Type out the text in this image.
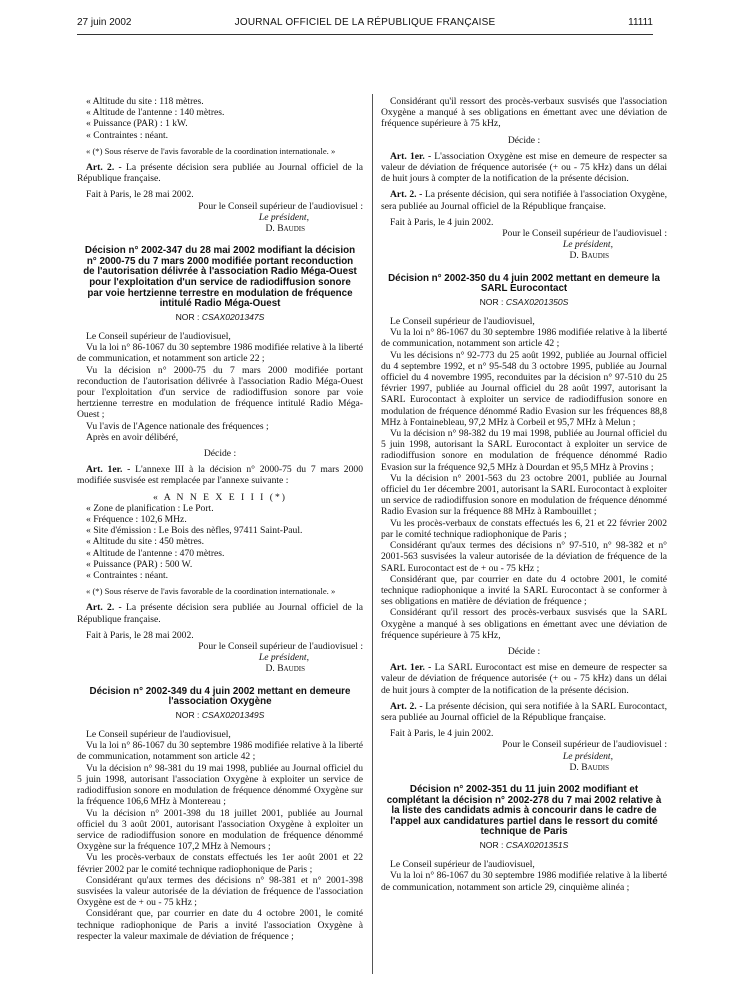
27 juin 2002	JOURNAL OFFICIEL DE LA RÉPUBLIQUE FRANÇAISE	11111

« Altitude du site : 118 mètres.

« Altitude de l'antenne : 140 mètres.

« Puissance (PAR) : 1 kW.

« Contraintes : néant.

« (*) Sous réserve de l'avis favorable de la coordination internationale. »

Art. 2. - La présente décision sera publiée au Journal officiel de la République française.

Fait à Paris, le 28 mai 2002.

Pour le Conseil supérieur de l'audiovisuel :

Le président,

D. Baudis

Décision n° 2002-347 du 28 mai 2002 modifiant la décision n° 2000-75 du 7 mars 2000 modifiée portant reconduction de l'autorisation délivrée à l'association Radio Méga-Ouest pour l'exploitation d'un service de radiodiffusion sonore par voie hertzienne terrestre en modulation de fréquence intitulé Radio Méga-Ouest
NOR : CSAX0201347S

Le Conseil supérieur de l'audiovisuel,

Vu la loi n° 86-1067 du 30 septembre 1986 modifiée relative à la liberté de communication, et notamment son article 22 ;

Vu la décision n° 2000-75 du 7 mars 2000 modifiée portant reconduction de l'autorisation délivrée à l'association Radio Méga-Ouest pour l'exploitation d'un service de radiodiffusion sonore par voie hertzienne terrestre en modulation de fréquence intitulé Radio Méga-Ouest ;

Vu l'avis de l'Agence nationale des fréquences ;

Après en avoir délibéré,

Décide :

Art. 1er. - L'annexe III à la décision n° 2000-75 du 7 mars 2000 modifiée susvisée est remplacée par l'annexe suivante :

« A N N E X E I I I (*)

« Zone de planification : Le Port.

« Fréquence : 102,6 MHz.

« Site d'émission : Le Bois des nèfles, 97411 Saint-Paul.

« Altitude du site : 450 mètres.

« Altitude de l'antenne : 470 mètres.

« Puissance (PAR) : 500 W.

« Contraintes : néant.

« (*) Sous réserve de l'avis favorable de la coordination internationale. »

Art. 2. - La présente décision sera publiée au Journal officiel de la République française.

Fait à Paris, le 28 mai 2002.

Pour le Conseil supérieur de l'audiovisuel :

Le président,

D. Baudis

Décision n° 2002-349 du 4 juin 2002 mettant en demeure l'association Oxygène
NOR : CSAX0201349S

Le Conseil supérieur de l'audiovisuel,

Vu la loi n° 86-1067 du 30 septembre 1986 modifiée relative à la liberté de communication, notamment son article 42 ;

Vu la décision n° 98-381 du 19 mai 1998, publiée au Journal officiel du 5 juin 1998, autorisant l'association Oxygène à exploiter un service de radiodiffusion sonore en modulation de fréquence dénommé Oxygène sur la fréquence 106,6 MHz à Montereau ;

Vu la décision n° 2001-398 du 18 juillet 2001, publiée au Journal officiel du 3 août 2001, autorisant l'association Oxygène à exploiter un service de radiodiffusion sonore en modulation de fréquence dénommé Oxygène sur la fréquence 107,2 MHz à Nemours ;

Vu les procès-verbaux de constats effectués les 1er août 2001 et 22 février 2002 par le comité technique radiophonique de Paris ;

Considérant qu'aux termes des décisions n° 98-381 et n° 2001-398 susvisées la valeur autorisée de la déviation de fréquence de l'association Oxygène est de + ou - 75 kHz ;

Considérant que, par courrier en date du 4 octobre 2001, le comité technique radiophonique de Paris a invité l'association Oxygène à respecter la valeur maximale de déviation de fréquence ;

Considérant qu'il ressort des procès-verbaux susvisés que l'association Oxygène a manqué à ses obligations en émettant avec une déviation de fréquence supérieure à 75 kHz,

Décide :

Art. 1er. - L'association Oxygène est mise en demeure de respecter sa valeur de déviation de fréquence autorisée (+ ou - 75 kHz) dans un délai de huit jours à compter de la notification de la présente décision.

Art. 2. - La présente décision, qui sera notifiée à l'association Oxygène, sera publiée au Journal officiel de la République française.

Fait à Paris, le 4 juin 2002.

Pour le Conseil supérieur de l'audiovisuel :

Le président,

D. Baudis

Décision n° 2002-350 du 4 juin 2002 mettant en demeure la SARL Eurocontact
NOR : CSAX0201350S

Le Conseil supérieur de l'audiovisuel,

Vu la loi n° 86-1067 du 30 septembre 1986 modifiée relative à la liberté de communication, notamment son article 42 ;

Vu les décisions n° 92-773 du 25 août 1992, publiée au Journal officiel du 4 septembre 1992, et n° 95-548 du 3 octobre 1995, publiée au Journal officiel du 4 novembre 1995, reconduites par la décision n° 97-510 du 25 février 1997, publiée au Journal officiel du 28 août 1997, autorisant la SARL Eurocontact à exploiter un service de radiodiffusion sonore en modulation de fréquence dénommé Radio Evasion sur les fréquences 88,8 MHz à Fontainebleau, 97,2 MHz à Corbeil et 95,7 MHz à Melun ;

Vu la décision n° 98-382 du 19 mai 1998, publiée au Journal officiel du 5 juin 1998, autorisant la SARL Eurocontact à exploiter un service de radiodiffusion sonore en modulation de fréquence dénommé Radio Evasion sur la fréquence 92,5 MHz à Dourdan et 95,5 MHz à Provins ;

Vu la décision n° 2001-563 du 23 octobre 2001, publiée au Journal officiel du 1er décembre 2001, autorisant la SARL Eurocontact à exploiter un service de radiodiffusion sonore en modulation de fréquence dénommé Radio Evasion sur la fréquence 88 MHz à Rambouillet ;

Vu les procès-verbaux de constats effectués les 6, 21 et 22 février 2002 par le comité technique radiophonique de Paris ;

Considérant qu'aux termes des décisions n° 97-510, n° 98-382 et n° 2001-563 susvisées la valeur autorisée de la déviation de fréquence de la SARL Eurocontact est de + ou - 75 kHz ;

Considérant que, par courrier en date du 4 octobre 2001, le comité technique radiophonique a invité la SARL Eurocontact à se conformer à ses obligations en matière de déviation de fréquence ;

Considérant qu'il ressort des procès-verbaux susvisés que la SARL Oxygène a manqué à ses obligations en émettant avec une déviation de fréquence supérieure à 75 kHz,

Décide :

Art. 1er. - La SARL Eurocontact est mise en demeure de respecter sa valeur de déviation de fréquence autorisée (+ ou - 75 kHz) dans un délai de huit jours à compter de la notification de la présente décision.

Art. 2. - La présente décision, qui sera notifiée à la SARL Eurocontact, sera publiée au Journal officiel de la République française.

Fait à Paris, le 4 juin 2002.

Pour le Conseil supérieur de l'audiovisuel :

Le président,

D. Baudis

Décision n° 2002-351 du 11 juin 2002 modifiant et complétant la décision n° 2002-278 du 7 mai 2002 relative à la liste des candidats admis à concourir dans le cadre de l'appel aux candidatures partiel dans le ressort du comité technique de Paris
NOR : CSAX0201351S

Le Conseil supérieur de l'audiovisuel,

Vu la loi n° 86-1067 du 30 septembre 1986 modifiée relative à la liberté de communication, notamment son article 29, cinquième alinéa ;
